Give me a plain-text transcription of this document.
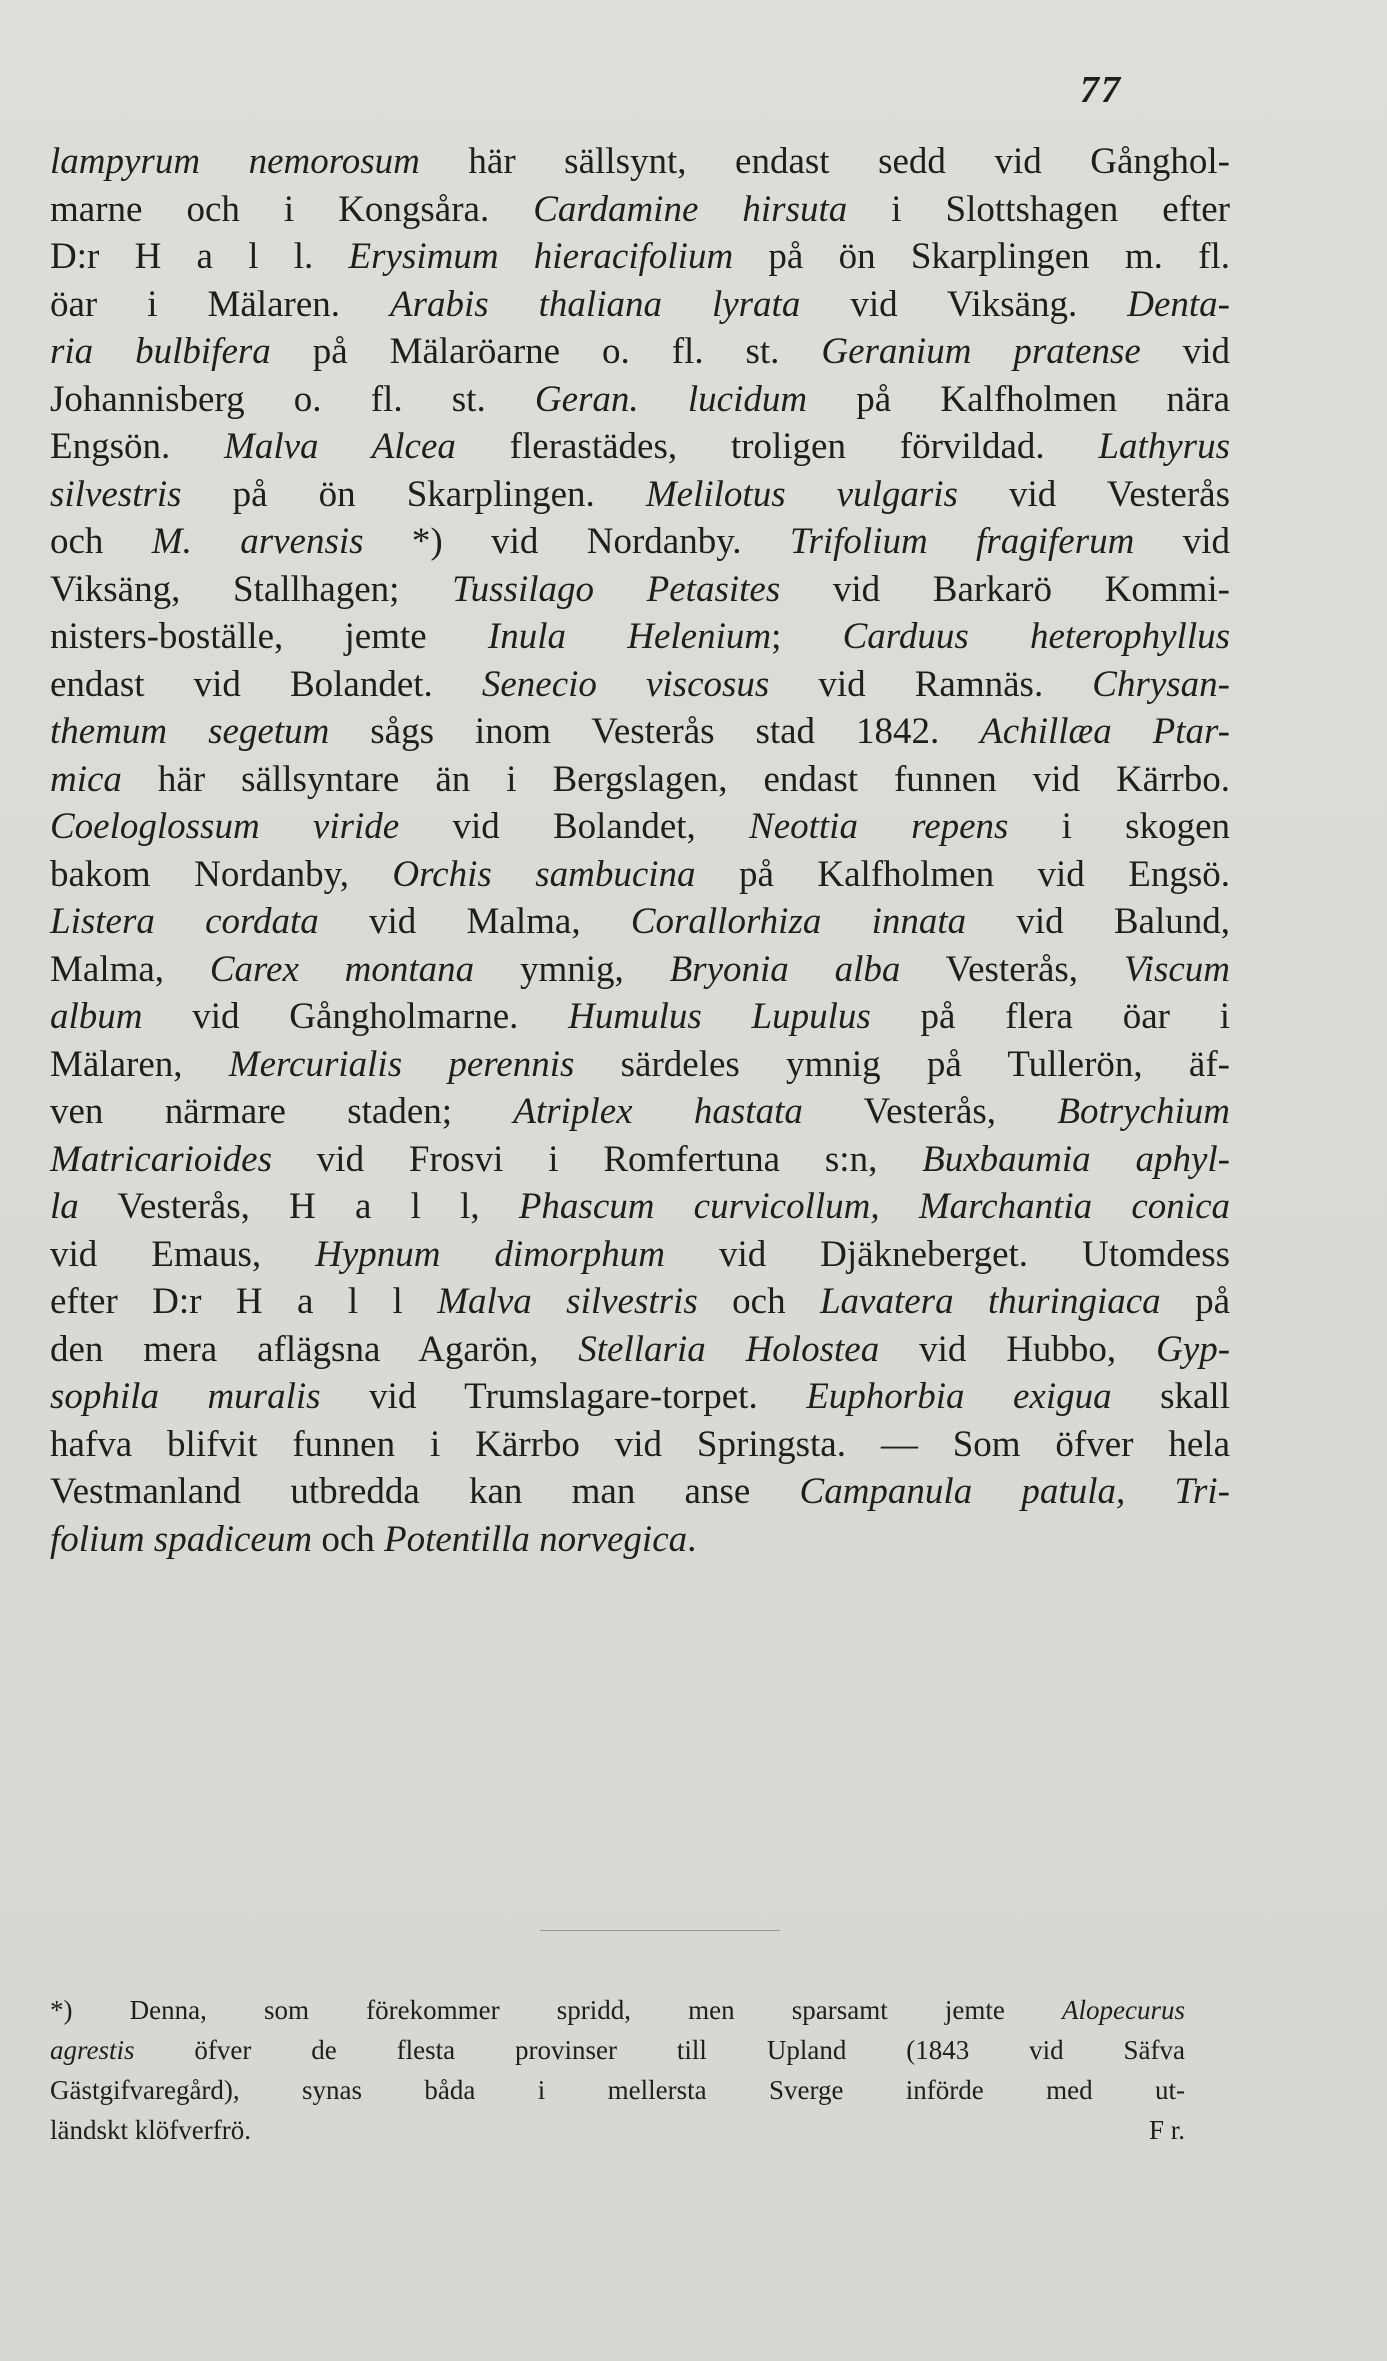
77
lampyrum nemorosum här sällsynt, endast sedd vid Gånghol-
marne och i Kongsåra. Cardamine hirsuta i Slottshagen efter
D:r H a l l. Erysimum hieracifolium på ön Skarplingen m. fl.
öar i Mälaren. Arabis thaliana lyrata vid Viksäng. Denta-
ria bulbifera på Mälaröarne o. fl. st. Geranium pratense vid
Johannisberg o. fl. st. Geran. lucidum på Kalfholmen nära
Engsön. Malva Alcea flerastädes, troligen förvildad. Lathyrus
silvestris på ön Skarplingen. Melilotus vulgaris vid Vesterås
och M. arvensis *) vid Nordanby. Trifolium fragiferum vid
Viksäng, Stallhagen; Tussilago Petasites vid Barkarö Kommi-
nisters-boställe, jemte Inula Helenium; Carduus heterophyllus
endast vid Bolandet. Senecio viscosus vid Ramnäs. Chrysan-
themum segetum sågs inom Vesterås stad 1842. Achillæa Ptar-
mica här sällsyntare än i Bergslagen, endast funnen vid Kärrbo.
Coeloglossum viride vid Bolandet, Neottia repens i skogen
bakom Nordanby, Orchis sambucina på Kalfholmen vid Engsö.
Listera cordata vid Malma, Corallorhiza innata vid Balund,
Malma, Carex montana ymnig, Bryonia alba Vesterås, Viscum
album vid Gångholmarne. Humulus Lupulus på flera öar i
Mälaren, Mercurialis perennis särdeles ymnig på Tullerön, äf-
ven närmare staden; Atriplex hastata Vesterås, Botrychium
Matricarioides vid Frosvi i Romfertuna s:n, Buxbaumia aphyl-
la Vesterås, H a l l, Phascum curvicollum, Marchantia conica
vid Emaus, Hypnum dimorphum vid Djäkneberget. Utomdess
efter D:r H a l l Malva silvestris och Lavatera thuringiaca på
den mera aflägsna Agarön, Stellaria Holostea vid Hubbo, Gyp-
sophila muralis vid Trumslagare-torpet. Euphorbia exigua skall
hafva blifvit funnen i Kärrbo vid Springsta. — Som öfver hela
Vestmanland utbredda kan man anse Campanula patula, Tri-
folium spadiceum och Potentilla norvegica.
*) Denna, som förekommer spridd, men sparsamt jemte Alopecurus
agrestis öfver de flesta provinser till Upland (1843 vid Säfva
Gästgifvaregård), synas båda i mellersta Sverge införde med ut-
ländskt klöfverfrö.	F r.
